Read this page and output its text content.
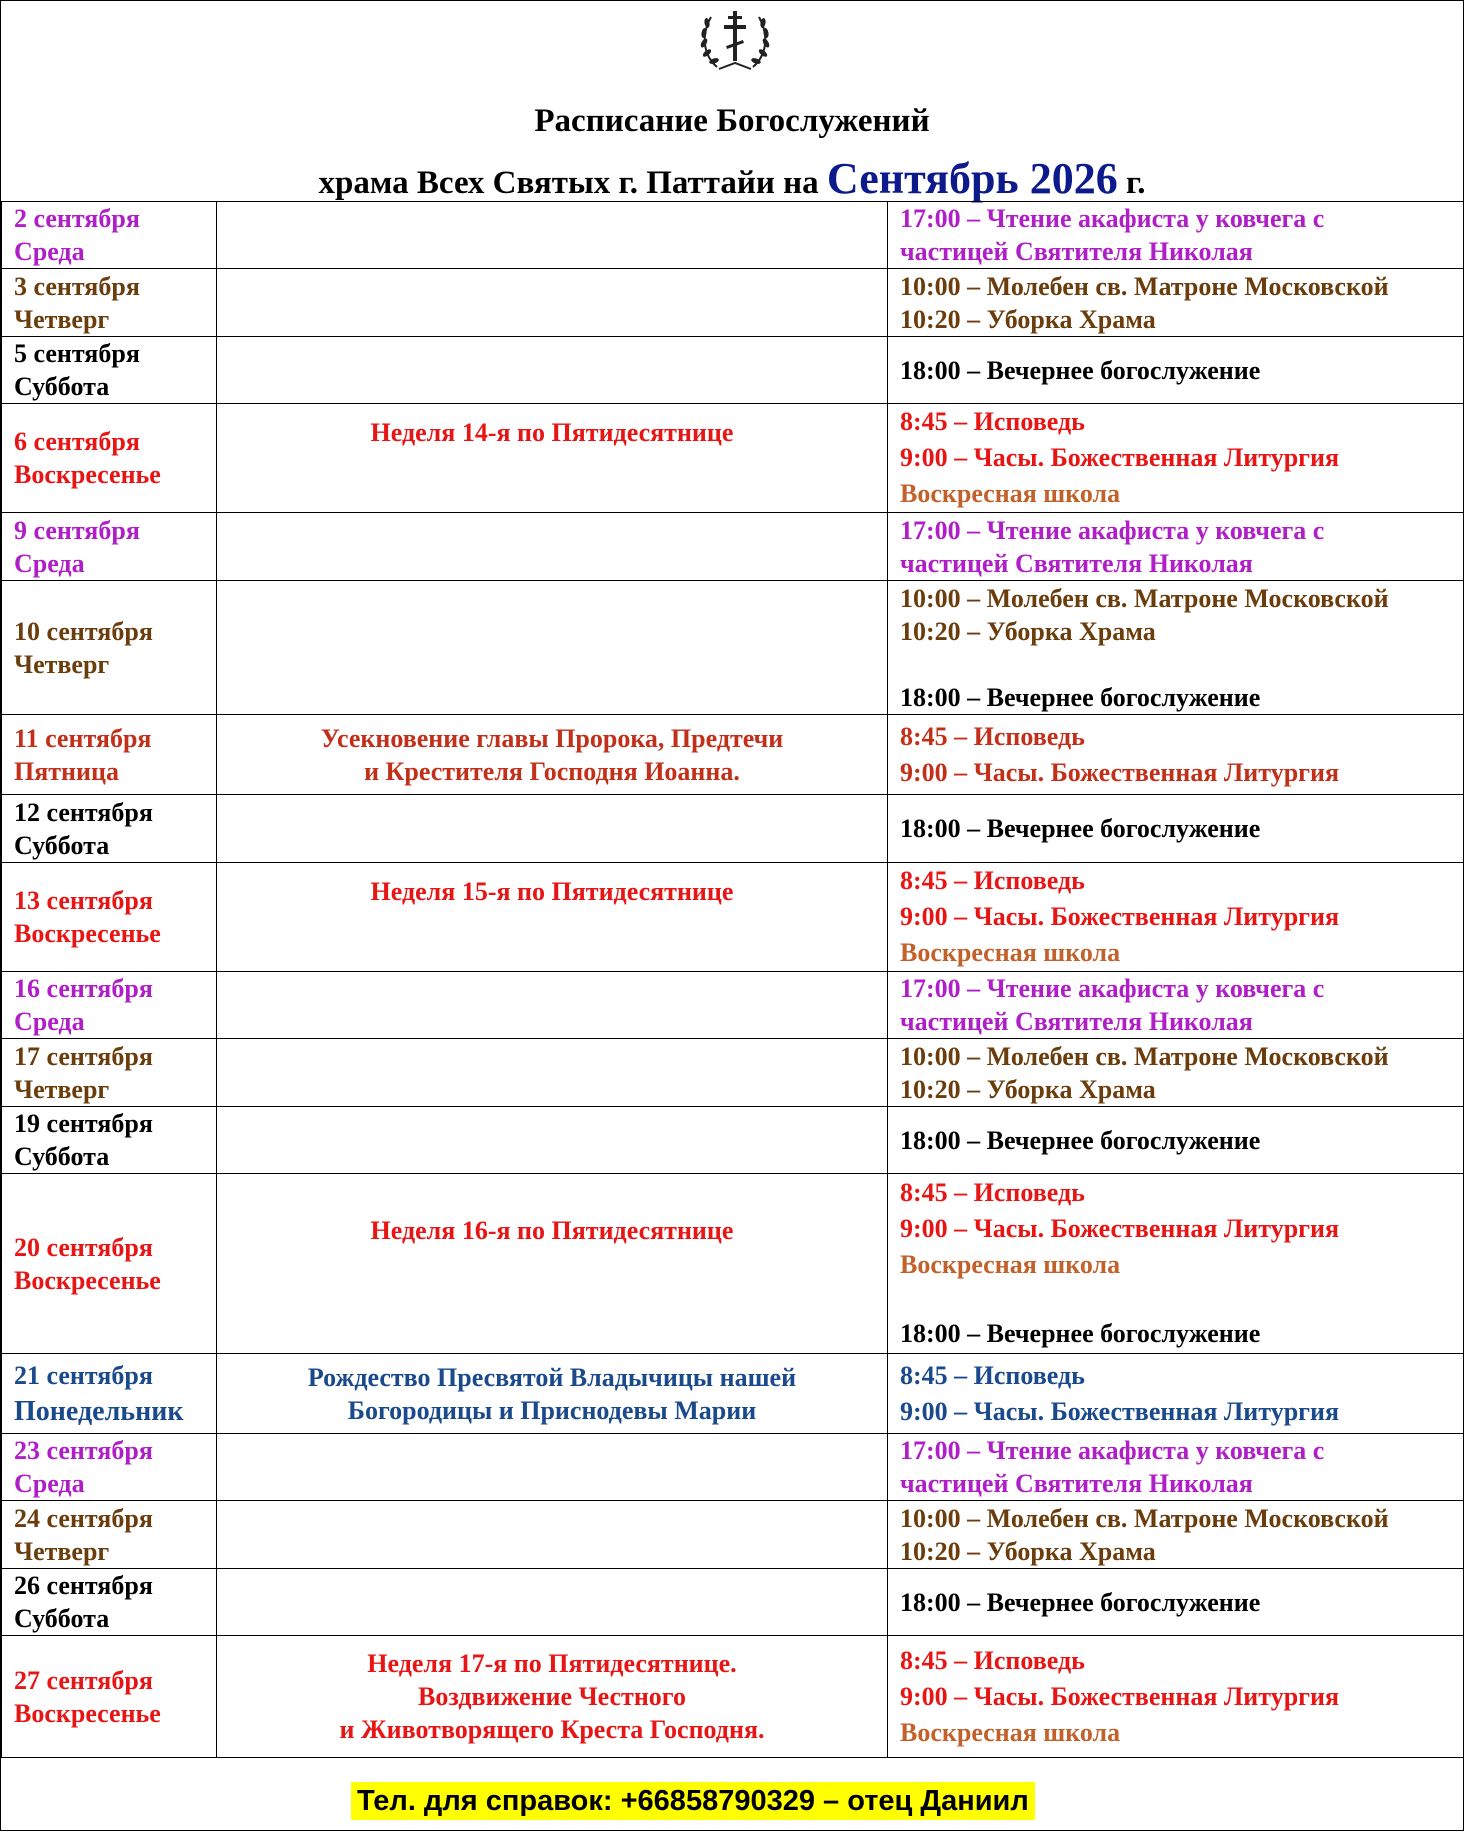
Расписание Богослужений
храма Всех Святых г. Паттайи на Сентябрь 2026 г.
2 сентября
Среда		17:00 – Чтение акафиста у ковчега с
частицей Святителя Николая

3 сентября
Четверг		10:00 – Молебен св. Матроне Московской
10:20 – Уборка Храма

5 сентября
Суббота		18:00 – Вечернее богослужение

6 сентября
Воскресенье	Неделя 14-я по Пятидесятнице	8:45 – Исповедь
9:00 – Часы. Божественная Литургия
Воскресная школа

9 сентября
Среда		17:00 – Чтение акафиста у ковчега с
частицей Святителя Николая

10 сентября
Четверг		10:00 – Молебен св. Матроне Московской
10:20 – Уборка Храма
18:00 – Вечернее богослужение

11 сентября
Пятница	Усекновение главы Пророка, Предтечи
и Крестителя Господня Иоанна.	8:45 – Исповедь
9:00 – Часы. Божественная Литургия

12 сентября
Суббота		18:00 – Вечернее богослужение

13 сентября
Воскресенье	Неделя 15-я по Пятидесятнице	8:45 – Исповедь
9:00 – Часы. Божественная Литургия
Воскресная школа

16 сентября
Среда		17:00 – Чтение акафиста у ковчега с
частицей Святителя Николая

17 сентября
Четверг		10:00 – Молебен св. Матроне Московской
10:20 – Уборка Храма

19 сентября
Суббота		18:00 – Вечернее богослужение

20 сентября
Воскресенье	Неделя 16-я по Пятидесятнице	8:45 – Исповедь
9:00 – Часы. Божественная Литургия
Воскресная школа
18:00 – Вечернее богослужение

21 сентября
Понедельник	Рождество Пресвятой Владычицы нашей
Богородицы и Приснодевы Марии	8:45 – Исповедь
9:00 – Часы. Божественная Литургия

23 сентября
Среда		17:00 – Чтение акафиста у ковчега с
частицей Святителя Николая

24 сентября
Четверг		10:00 – Молебен св. Матроне Московской
10:20 – Уборка Храма

26 сентября
Суббота		18:00 – Вечернее богослужение

27 сентября
Воскресенье	Неделя 17-я по Пятидесятнице.
Воздвижение Честного
и Животворящего Креста Господня.	8:45 – Исповедь
9:00 – Часы. Божественная Литургия
Воскресная школа
Тел. для справок: +66858790329 – отец Даниил
